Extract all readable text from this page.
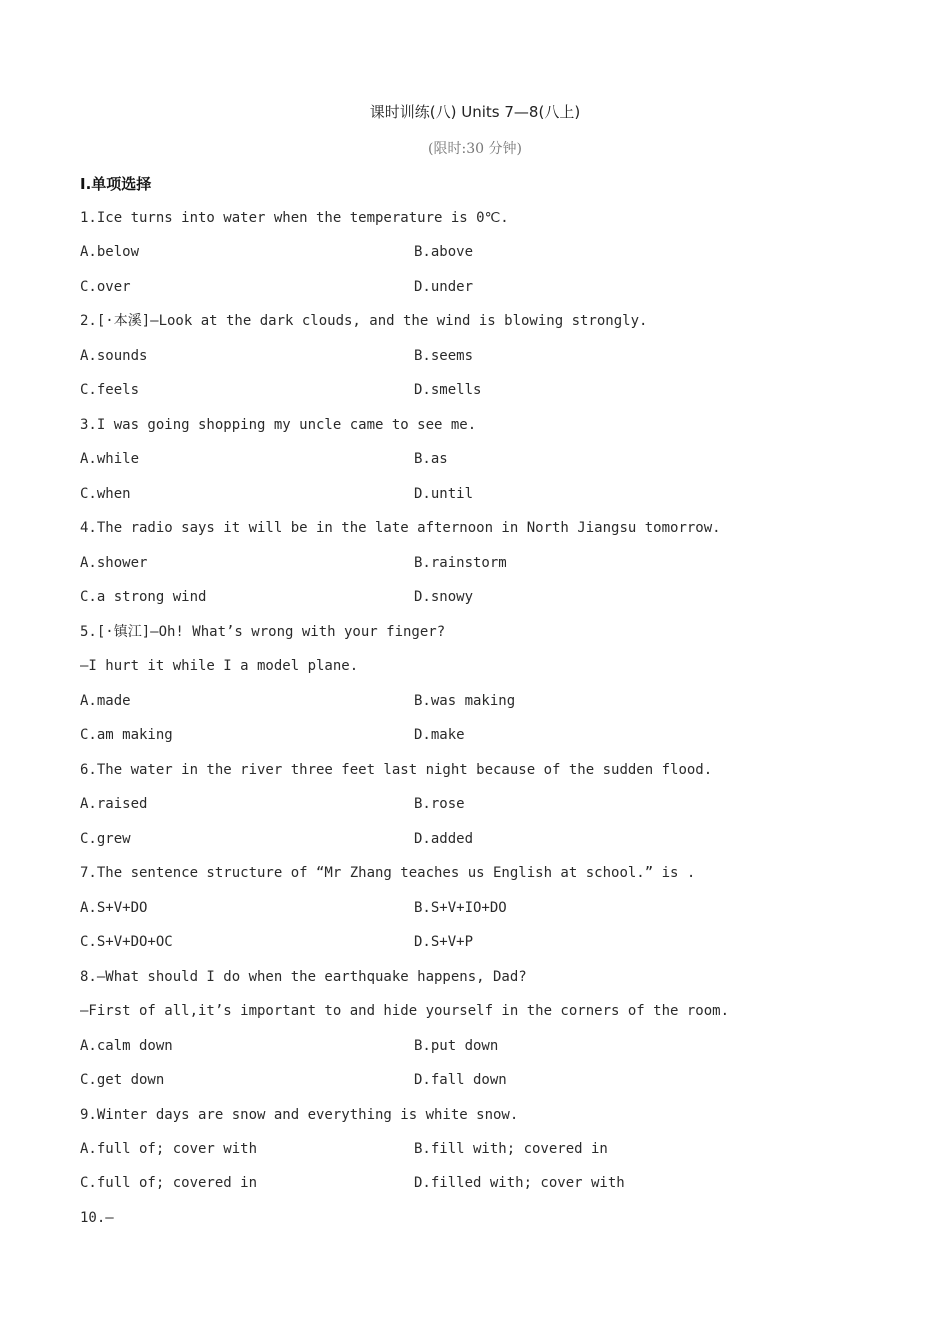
课时训练(八) Units 7—8(八上)
(限时:30 分钟)
Ⅰ.单项选择
1.Ice turns into water when the temperature is 0℃.
A.below	B.above
C.over	D.under
2.[·本溪]—Look at the dark clouds, and the wind is blowing strongly.
A.sounds	B.seems
C.feels	D.smells
3.I was going shopping my uncle came to see me.
A.while	B.as
C.when	D.until
4.The radio says it will be in the late afternoon in North Jiangsu tomorrow.
A.shower	B.rainstorm
C.a strong wind	D.snowy
5.[·镇江]—Oh! What’s wrong with your finger?
—I hurt it while I a model plane.
A.made	B.was making
C.am making	D.make
6.The water in the river three feet last night because of the sudden flood.
A.raised	B.rose
C.grew	D.added
7.The sentence structure of “Mr Zhang teaches us English at school.” is .
A.S+V+DO	B.S+V+IO+DO
C.S+V+DO+OC	D.S+V+P
8.—What should I do when the earthquake happens, Dad?
—First of all,it’s important to and hide yourself in the corners of the room.
A.calm down	B.put down
C.get down	D.fall down
9.Winter days are snow and everything is white snow.
A.full of; cover with	B.fill with; covered in
C.full of; covered in	D.filled with; cover with
10.—
